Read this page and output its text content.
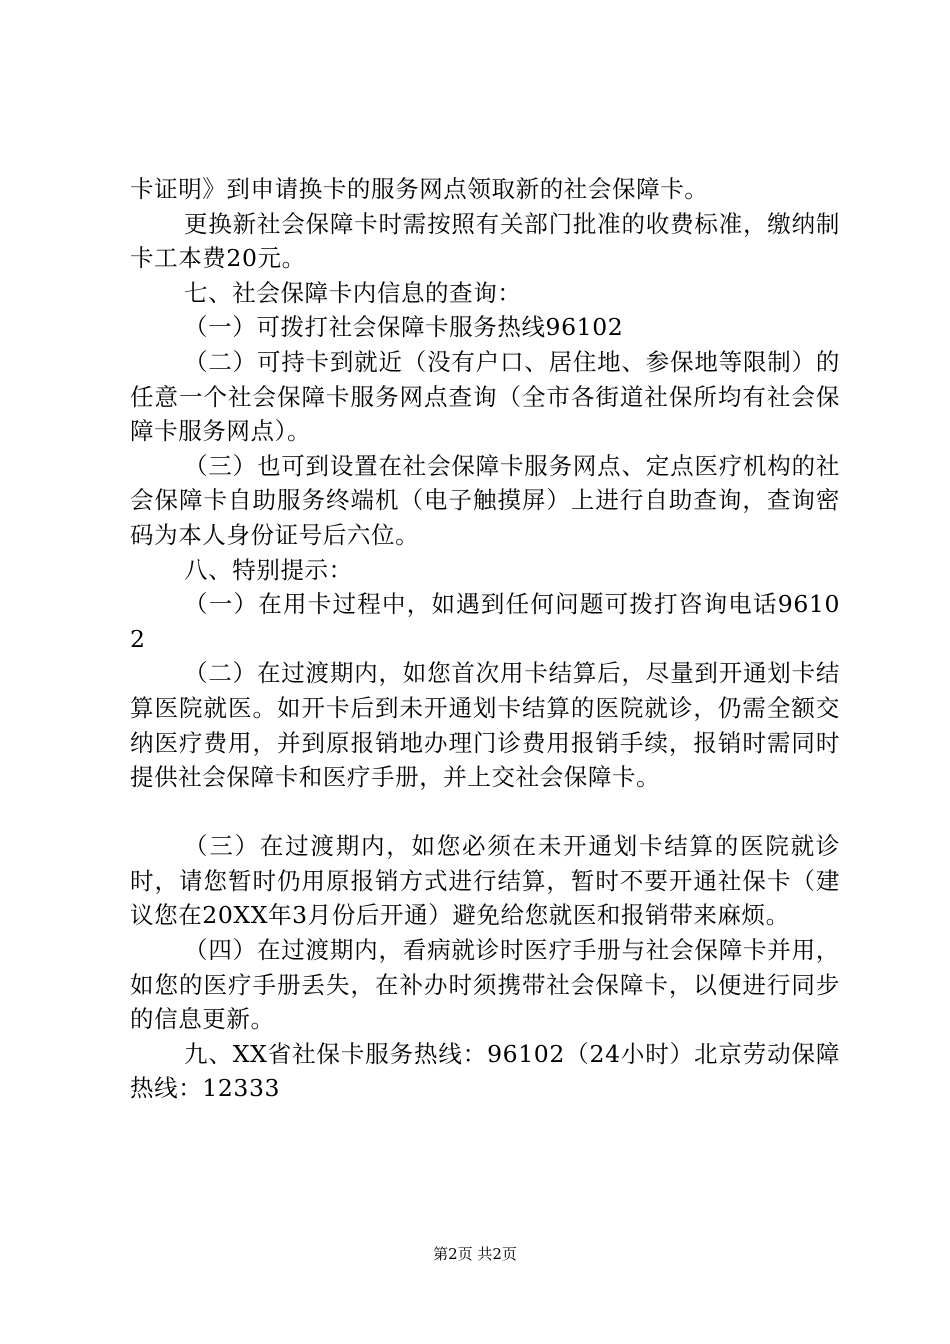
卡证明》到申请换卡的服务网点领取新的社会保障卡。

更换新社会保障卡时需按照有关部门批准的收费标准，缴纳制卡工本费20元。

七、社会保障卡内信息的查询：

（一）可拨打社会保障卡服务热线96102

（二）可持卡到就近（没有户口、居住地、参保地等限制）的任意一个社会保障卡服务网点查询（全市各街道社保所均有社会保障卡服务网点）。

（三）也可到设置在社会保障卡服务网点、定点医疗机构的社会保障卡自助服务终端机（电子触摸屏）上进行自助查询，查询密码为本人身份证号后六位。

八、特别提示：

（一）在用卡过程中，如遇到任何问题可拨打咨询电话96102

（二）在过渡期内，如您首次用卡结算后，尽量到开通划卡结算医院就医。如开卡后到未开通划卡结算的医院就诊，仍需全额交纳医疗费用，并到原报销地办理门诊费用报销手续，报销时需同时提供社会保障卡和医疗手册，并上交社会保障卡。

（三）在过渡期内，如您必须在未开通划卡结算的医院就诊时，请您暂时仍用原报销方式进行结算，暂时不要开通社保卡（建议您在20XX年3月份后开通）避免给您就医和报销带来麻烦。

（四）在过渡期内，看病就诊时医疗手册与社会保障卡并用，如您的医疗手册丢失，在补办时须携带社会保障卡，以便进行同步的信息更新。

九、XX省社保卡服务热线：96102（24小时）北京劳动保障热线：12333

第2页 共2页
